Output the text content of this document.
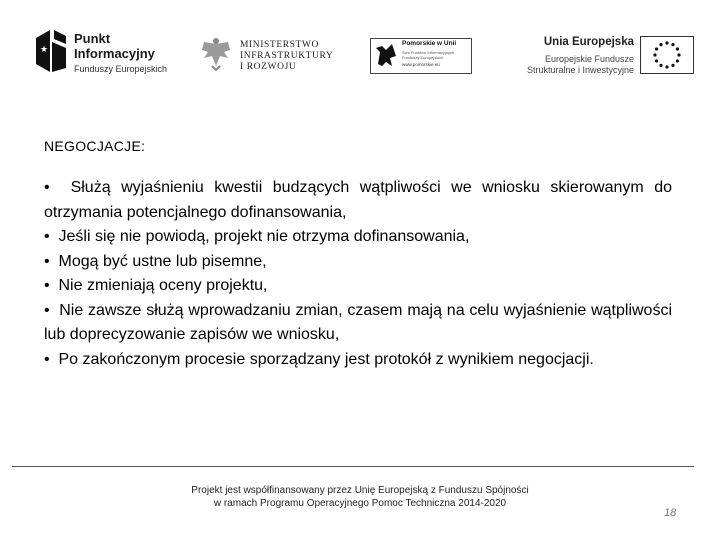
★
Punkt
Informacyjny
Funduszy Europejskich
MINISTERSTWO
INFRASTRUKTURY
I ROZWOJU
Pomorskie w Unii
Sieć Punktów Informacyjnych
Funduszy Europejskich
www.pomorskie.eu
Unia Europejska
Europejskie Fundusze
Strukturalne i Inwestycyjne
NEGOCJACJE:

• Służą wyjaśnieniu kwestii budzących wątpliwości we wniosku skierowanym do otrzymania potencjalnego dofinansowania,

• Jeśli się nie powiodą, projekt nie otrzyma dofinansowania,

• Mogą być ustne lub pisemne,

• Nie zmieniają oceny projektu,

• Nie zawsze służą wprowadzaniu zmian, czasem mają na celu wyjaśnienie wątpliwości lub doprecyzowanie zapisów we wniosku,

• Po zakończonym procesie sporządzany jest protokół z wynikiem negocjacji.

Projekt jest współfinansowany przez Unię Europejską z Funduszu Spójności
w ramach Programu Operacyjnego Pomoc Techniczna 2014-2020
18
